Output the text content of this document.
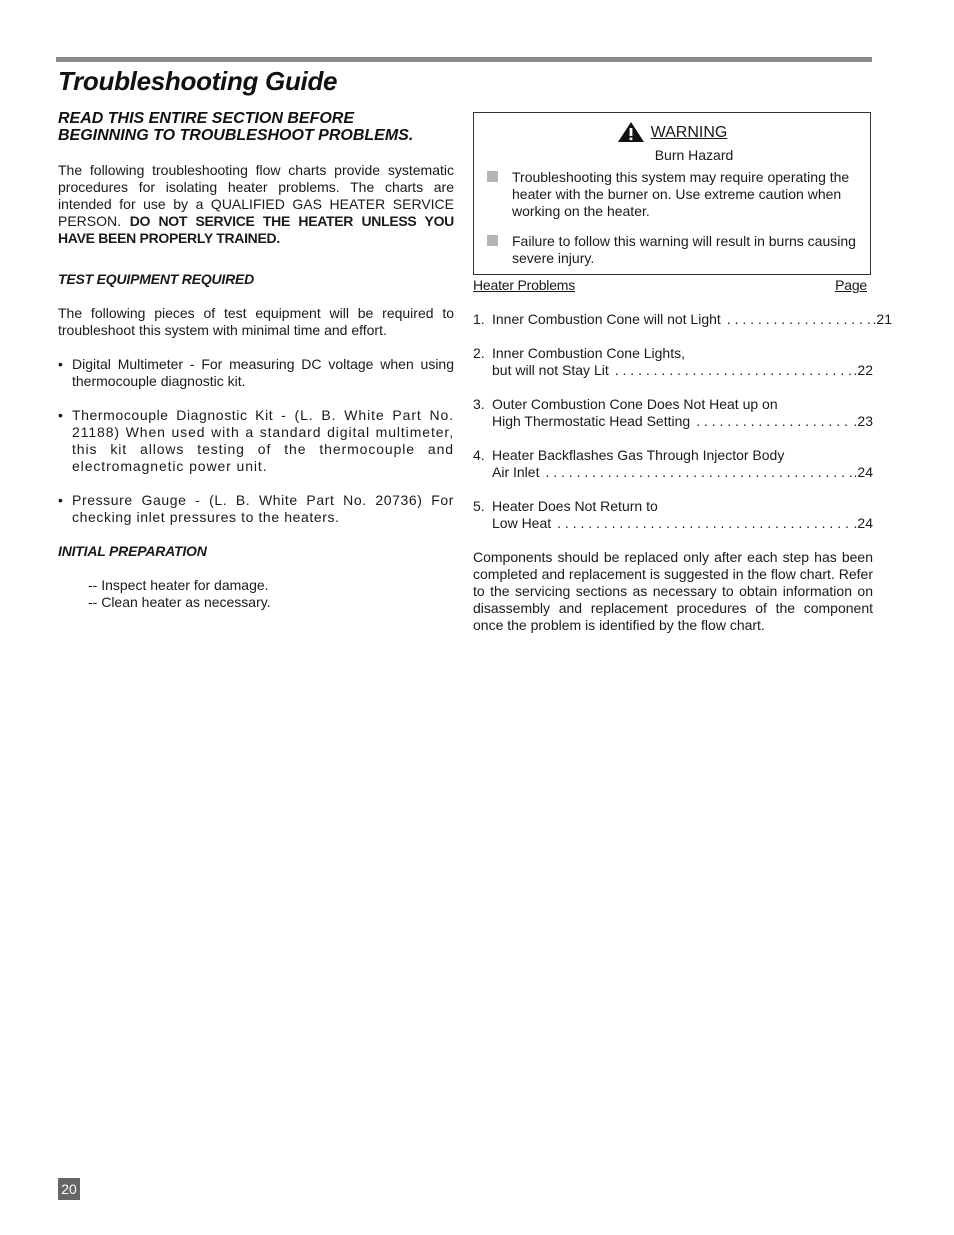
Troubleshooting Guide
READ THIS ENTIRE SECTION BEFORE
BEGINNING TO TROUBLESHOOT PROBLEMS.

The following troubleshooting flow charts provide systematic procedures for isolating heater problems. The charts are intended for use by a QUALIFIED GAS HEATER SERVICE PERSON. DO NOT SERVICE THE HEATER UNLESS YOU HAVE BEEN PROPERLY TRAINED.

TEST EQUIPMENT REQUIRED

The following pieces of test equipment will be required to troubleshoot this system with minimal time and effort.

• Digital Multimeter - For measuring DC voltage when using thermocouple diagnostic kit.
• Thermocouple Diagnostic Kit - (L. B. White Part No. 21188) When used with a standard digital multimeter, this kit allows testing of the thermocouple and electromagnetic power unit.
• Pressure Gauge - (L. B. White Part No. 20736) For checking inlet pressures to the heaters.
INITIAL PREPARATION
-- Inspect heater for damage.
-- Clean heater as necessary.
WARNING
Burn Hazard
Troubleshooting this system may require operating the heater with the burner on. Use extreme caution when working on the heater.
Failure to follow this warning will result in burns causing severe injury.
Heater Problems	Page
1. Inner Combustion Cone will not Light . . .	.21
2. Inner Combustion Cone Lights,
but will not Stay Lit . . .	.22
3. Outer Combustion Cone Does Not Heat up on
High Thermostatic Head Setting . . .	.23
4. Heater Backflashes Gas Through Injector Body
Air Inlet . . .	.24
5. Heater Does Not Return to
Low Heat . . .	.24

Components should be replaced only after each step has been completed and replacement is suggested in the flow chart. Refer to the servicing sections as necessary to obtain information on disassembly and replacement procedures of the component once the problem is identified by the flow chart.

20
